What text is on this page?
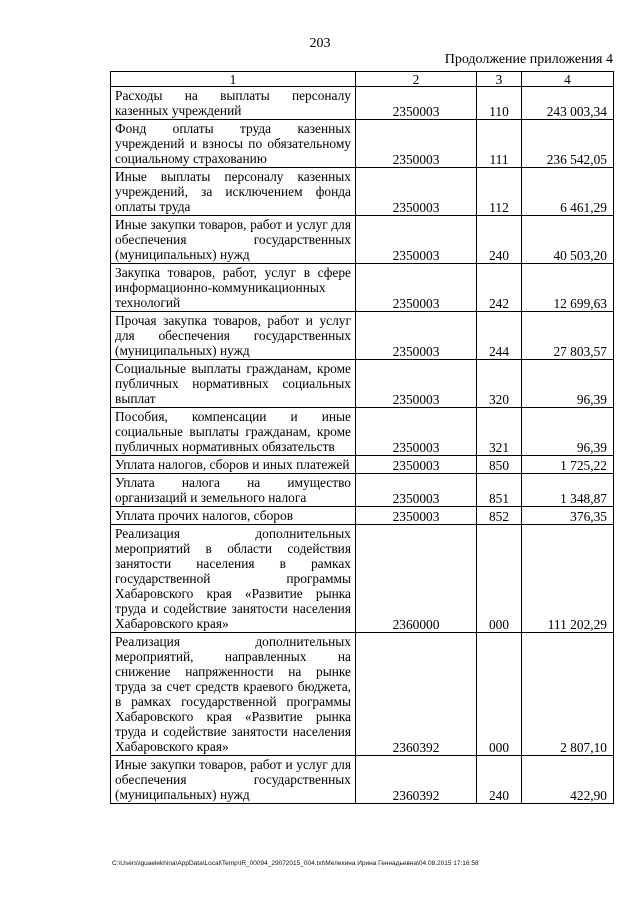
203
Продолжение приложения 4
1	2	3	4
Расходы на выплаты персоналу казенных учреждений	2350003	110	243 003,34
Фонд оплаты труда казенных учреждений и взносы по обязательному социальному страхованию	2350003	111	236 542,05
Иные выплаты персоналу казенных учреждений, за исключением фонда оплаты труда	2350003	112	6 461,29
Иные закупки товаров, работ и услуг для обеспечения государственных (муниципальных) нужд	2350003	240	40 503,20
Закупка товаров, работ, услуг в сфере информационно-коммуникационных технологий	2350003	242	12 699,63
Прочая закупка товаров, работ и услуг для обеспечения государственных (муниципальных) нужд	2350003	244	27 803,57
Социальные выплаты гражданам, кроме публичных нормативных социальных выплат	2350003	320	96,39
Пособия, компенсации и иные социальные выплаты гражданам, кроме публичных нормативных обязательств	2350003	321	96,39
Уплата налогов, сборов и иных платежей	2350003	850	1 725,22
Уплата налога на имущество организаций и земельного налога	2350003	851	1 348,87
Уплата прочих налогов, сборов	2350003	852	376,35
Реализация дополнительных мероприятий в области содействия занятости населения в рамках государственной программы Хабаровского края «Развитие рынка труда и содействие занятости населения Хабаровского края»	2360000	000	111 202,29
Реализация дополнительных мероприятий, направленных на снижение напряженности на рынке труда за счет средств краевого бюджета, в рамках государственной программы Хабаровского края «Развитие рынка труда и содействие занятости населения Хабаровского края»	2360392	000	2 807,10
Иные закупки товаров, работ и услуг для обеспечения государственных (муниципальных) нужд	2360392	240	422,90
C:\Users\iguaelekhina\AppData\Local\Temp\IR_00094_29072015_004.txt\Мелехина Ирина Геннадьевна\04.08.2015 17:16:58
